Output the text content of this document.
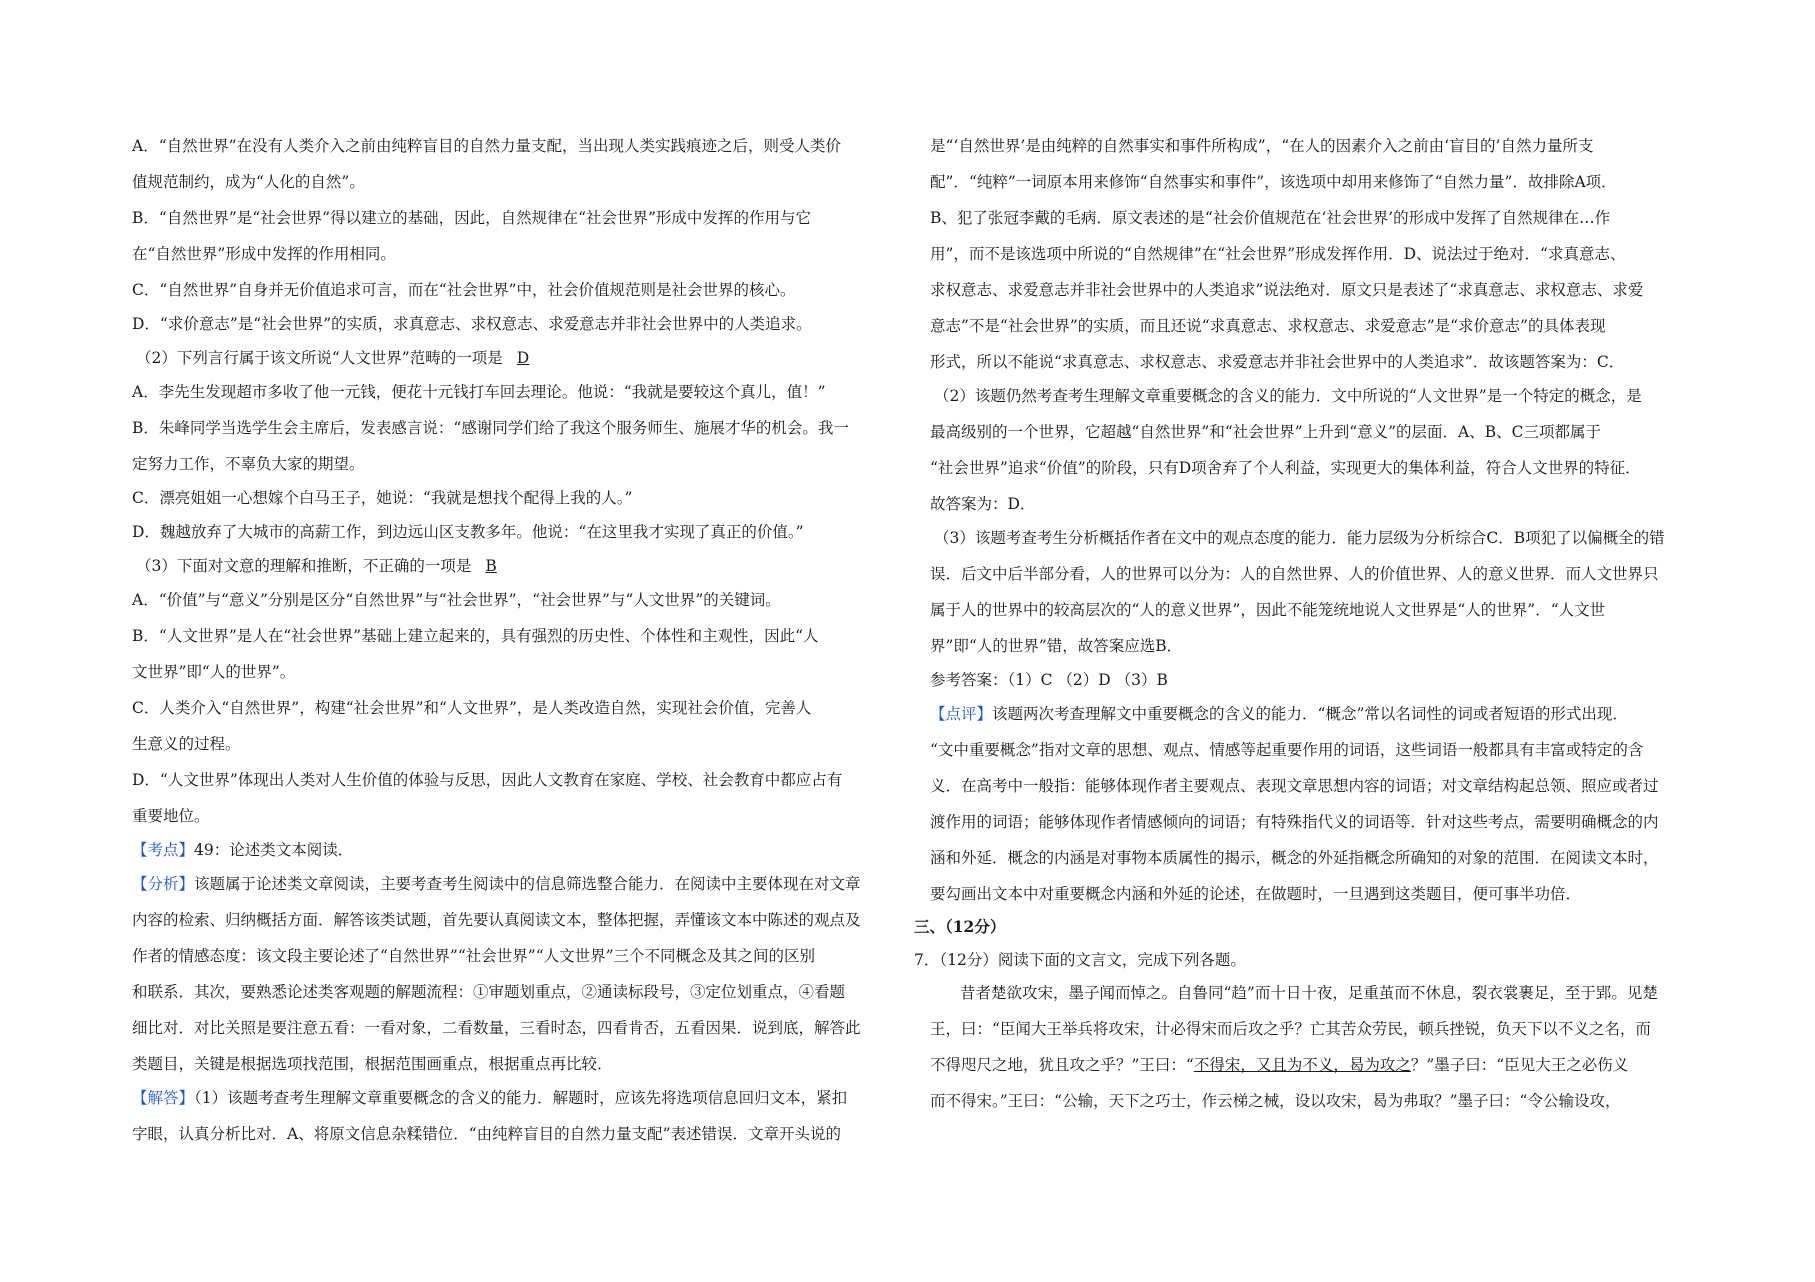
A．“自然世界”在没有人类介入之前由纯粹盲目的自然力量支配，当出现人类实践痕迹之后，则受人类价
值规范制约，成为“人化的自然”。
B．“自然世界”是“社会世界”得以建立的基础，因此，自然规律在“社会世界”形成中发挥的作用与它
在“自然世界”形成中发挥的作用相同。
C．“自然世界”自身并无价值追求可言，而在“社会世界”中，社会价值规范则是社会世界的核心。
D．“求价意志”是“社会世界”的实质，求真意志、求权意志、求爱意志并非社会世界中的人类追求。
（2）下列言行属于该文所说“人文世界”范畴的一项是 D
A．李先生发现超市多收了他一元钱，便花十元钱打车回去理论。他说：“我就是要较这个真儿，值！”
B．朱峰同学当选学生会主席后，发表感言说：“感谢同学们给了我这个服务师生、施展才华的机会。我一
定努力工作，不辜负大家的期望。
C．漂亮姐姐一心想嫁个白马王子，她说：“我就是想找个配得上我的人。”
D．魏越放弃了大城市的高薪工作，到边远山区支教多年。他说：“在这里我才实现了真正的价值。”
（3）下面对文意的理解和推断，不正确的一项是 B
A．“价值”与“意义”分别是区分“自然世界”与“社会世界”，“社会世界”与“人文世界”的关键词。
B．“人文世界”是人在“社会世界”基础上建立起来的，具有强烈的历史性、个体性和主观性，因此“人
文世界”即“人的世界”。
C．人类介入“自然世界”，构建“社会世界”和“人文世界”，是人类改造自然，实现社会价值，完善人
生意义的过程。
D．“人文世界”体现出人类对人生价值的体验与反思，因此人文教育在家庭、学校、社会教育中都应占有
重要地位。
【考点】49：论述类文本阅读．
【分析】该题属于论述类文章阅读，主要考查考生阅读中的信息筛选整合能力．在阅读中主要体现在对文章
内容的检索、归纳概括方面．解答该类试题，首先要认真阅读文本，整体把握，弄懂该文本中陈述的观点及
作者的情感态度：该文段主要论述了“自然世界”“社会世界”“人文世界”三个不同概念及其之间的区别
和联系．其次，要熟悉论述类客观题的解题流程：①审题划重点，②通读标段号，③定位划重点，④看题
细比对．对比关照是要注意五看：一看对象，二看数量，三看时态，四看肯否，五看因果．说到底，解答此
类题目，关键是根据选项找范围，根据范围画重点，根据重点再比较．
【解答】（1）该题考查考生理解文章重要概念的含义的能力．解题时，应该先将选项信息回归文本，紧扣
字眼，认真分析比对．A、将原文信息杂糅错位．“由纯粹盲目的自然力量支配”表述错误．文章开头说的
是“‘自然世界’是由纯粹的自然事实和事件所构成”，“在人的因素介入之前由‘盲目的’自然力量所支
配”．“纯粹”一词原本用来修饰“自然事实和事件”，该选项中却用来修饰了“自然力量”．故排除A项．
B、犯了张冠李戴的毛病．原文表述的是“社会价值规范在‘社会世界’的形成中发挥了自然规律在…作
用”，而不是该选项中所说的“自然规律”在“社会世界”形成发挥作用．D、说法过于绝对．“求真意志、
求权意志、求爱意志并非社会世界中的人类追求”说法绝对．原文只是表述了“求真意志、求权意志、求爱
意志”不是“社会世界”的实质，而且还说“求真意志、求权意志、求爱意志”是“求价意志”的具体表现
形式，所以不能说“求真意志、求权意志、求爱意志并非社会世界中的人类追求”．故该题答案为：C．
（2）该题仍然考查考生理解文章重要概念的含义的能力．文中所说的“人文世界”是一个特定的概念，是
最高级别的一个世界，它超越“自然世界”和“社会世界”上升到“意义”的层面．A、B、C三项都属于
“社会世界”追求“价值”的阶段，只有D项舍弃了个人利益，实现更大的集体利益，符合人文世界的特征．
故答案为：D．
（3）该题考查考生分析概括作者在文中的观点态度的能力．能力层级为分析综合C．B项犯了以偏概全的错
误．后文中后半部分看，人的世界可以分为：人的自然世界、人的价值世界、人的意义世界．而人文世界只
属于人的世界中的较高层次的“人的意义世界”，因此不能笼统地说人文世界是“人的世界”．“人文世
界”即“人的世界”错，故答案应选B．
参考答案：（1）C （2）D （3）B
【点评】该题两次考查理解文中重要概念的含义的能力．“概念”常以名词性的词或者短语的形式出现．
“文中重要概念”指对文章的思想、观点、情感等起重要作用的词语，这些词语一般都具有丰富或特定的含
义．在高考中一般指：能够体现作者主要观点、表现文章思想内容的词语；对文章结构起总领、照应或者过
渡作用的词语；能够体现作者情感倾向的词语；有特殊指代义的词语等．针对这些考点，需要明确概念的内
涵和外延．概念的内涵是对事物本质属性的揭示，概念的外延指概念所确知的对象的范围．在阅读文本时，
要勾画出文本中对重要概念内涵和外延的论述，在做题时，一旦遇到这类题目，便可事半功倍．
三、（12分）
7．（12分）阅读下面的文言文，完成下列各题。
昔者楚欲攻宋，墨子闻而悼之。自鲁同“趋”而十日十夜，足重茧而不休息，裂衣裳裹足，至于郢。见楚
王，曰：“臣闻大王举兵将攻宋，计必得宋而后攻之乎？亡其苦众劳民，顿兵挫锐，负天下以不义之名，而
不得咫尺之地，犹且攻之乎？”王曰：“不得宋，又且为不义，曷为攻之？”墨子曰：“臣见大王之必伤义
而不得宋。”王曰：“公输，天下之巧士，作云梯之械，设以攻宋，曷为弗取？”墨子曰：“令公输设攻，
